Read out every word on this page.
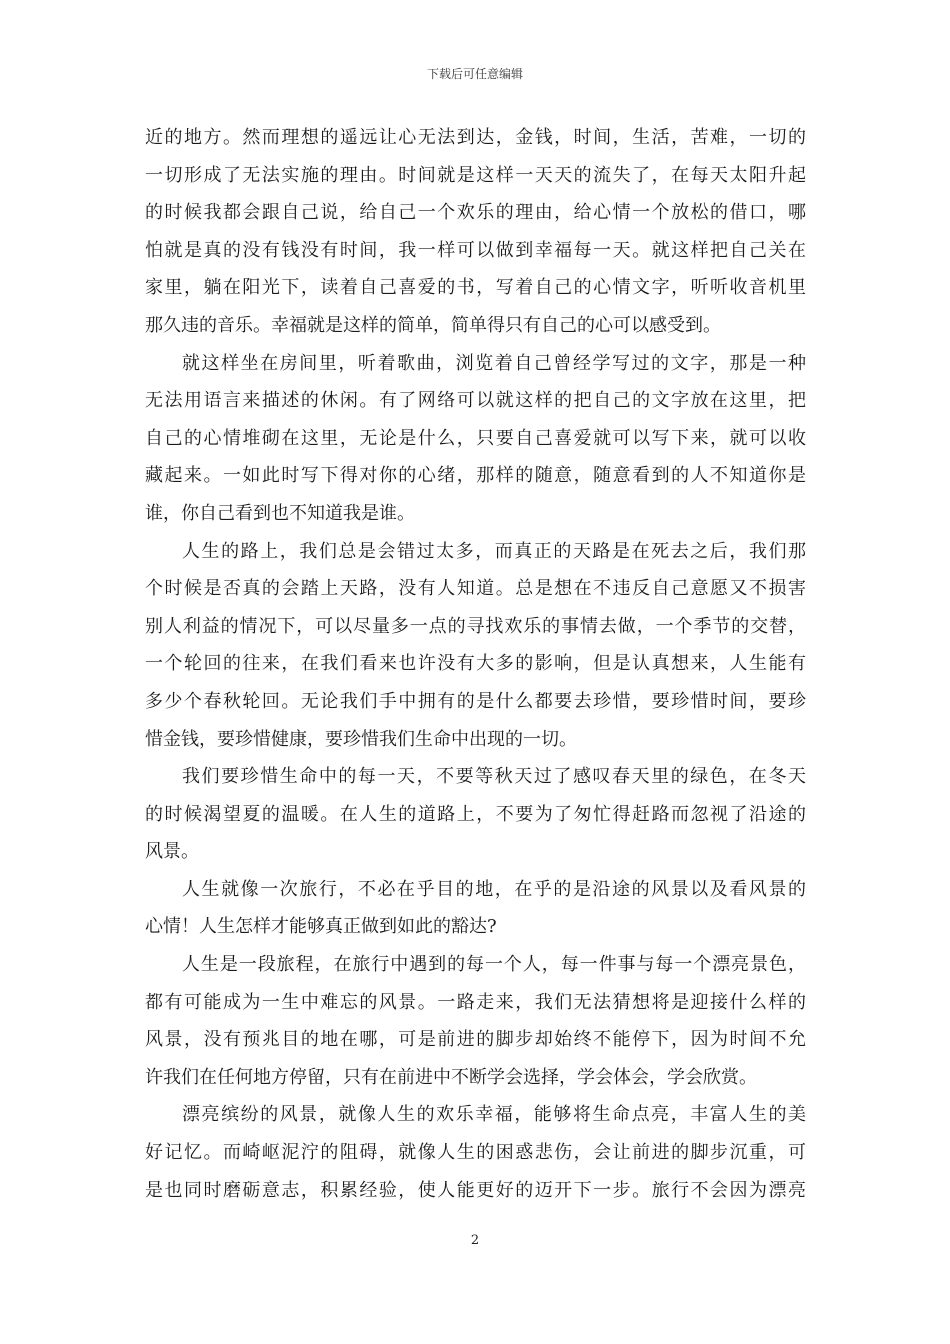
下载后可任意编辑
近的地方。然而理想的遥远让心无法到达，金钱，时间，生活，苦难，一切的
一切形成了无法实施的理由。时间就是这样一天天的流失了，在每天太阳升起
的时候我都会跟自己说，给自己一个欢乐的理由，给心情一个放松的借口，哪
怕就是真的没有钱没有时间，我一样可以做到幸福每一天。就这样把自己关在
家里，躺在阳光下，读着自己喜爱的书，写着自己的心情文字，听听收音机里
那久违的音乐。幸福就是这样的简单，简单得只有自己的心可以感受到。
就这样坐在房间里，听着歌曲，浏览着自己曾经学写过的文字，那是一种
无法用语言来描述的休闲。有了网络可以就这样的把自己的文字放在这里，把
自己的心情堆砌在这里，无论是什么，只要自己喜爱就可以写下来，就可以收
藏起来。一如此时写下得对你的心绪，那样的随意，随意看到的人不知道你是
谁，你自己看到也不知道我是谁。
人生的路上，我们总是会错过太多，而真正的天路是在死去之后，我们那
个时候是否真的会踏上天路，没有人知道。总是想在不违反自己意愿又不损害
别人利益的情况下，可以尽量多一点的寻找欢乐的事情去做，一个季节的交替，
一个轮回的往来，在我们看来也许没有大多的影响，但是认真想来，人生能有
多少个春秋轮回。无论我们手中拥有的是什么都要去珍惜，要珍惜时间，要珍
惜金钱，要珍惜健康，要珍惜我们生命中出现的一切。
我们要珍惜生命中的每一天，不要等秋天过了感叹春天里的绿色，在冬天
的时候渴望夏的温暖。在人生的道路上，不要为了匆忙得赶路而忽视了沿途的
风景。
人生就像一次旅行，不必在乎目的地，在乎的是沿途的风景以及看风景的
心情！人生怎样才能够真正做到如此的豁达?
人生是一段旅程，在旅行中遇到的每一个人，每一件事与每一个漂亮景色，
都有可能成为一生中难忘的风景。一路走来，我们无法猜想将是迎接什么样的
风景，没有预兆目的地在哪，可是前进的脚步却始终不能停下，因为时间不允
许我们在任何地方停留，只有在前进中不断学会选择，学会体会，学会欣赏。
漂亮缤纷的风景，就像人生的欢乐幸福，能够将生命点亮，丰富人生的美
好记忆。而崎岖泥泞的阻碍，就像人生的困惑悲伤，会让前进的脚步沉重，可
是也同时磨砺意志，积累经验，使人能更好的迈开下一步。旅行不会因为漂亮
2
